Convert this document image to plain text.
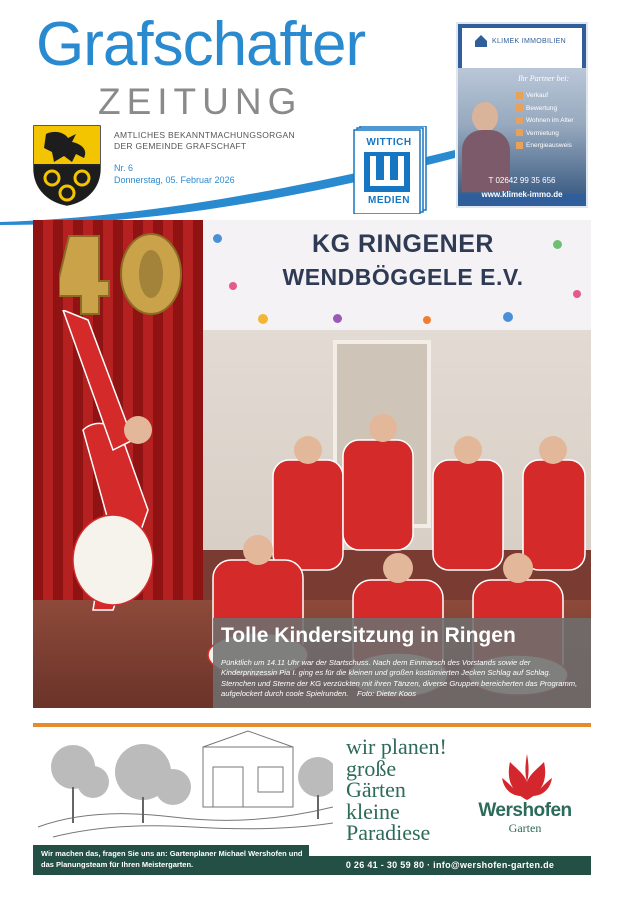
Grafschafter
ZEITUNG
AMTLICHES BEKANNTMACHUNGSORGAN
DER GEMEINDE GRAFSCHAFT
Nr. 6
Donnerstag, 05. Februar 2026
WITTICH
MEDIEN
KLIMEK IMMOBILIEN
Ihr Partner bei:
Verkauf
Bewertung
Wohnen im Alter
Vermietung
Energieausweis
T 02642 99 35 656
www.klimek-immo.de
KG RINGENER
WENDBÖGGELE E.V.
Tolle Kindersitzung in Ringen
Pünktlich um 14.11 Uhr war der Startschuss. Nach dem Einmarsch des Vorstands sowie der Kinderprinzessin Pia I. ging es für die kleinen und großen kostümierten Jecken Schlag auf Schlag. Sternchen und Sterne der KG verzückten mit ihren Tänzen, diverse Gruppen bereicherten das Programm, aufgelockert durch coole Spielrunden. Foto: Dieter Koos
wir planen!
große
Gärten
kleine
Paradiese
Wershofen
Garten
Wir machen das, fragen Sie uns an: Gartenplaner Michael Wershofen und das Planungsteam für Ihren Meistergarten.	0 26 41 - 30 59 80 · info@wershofen-garten.de
